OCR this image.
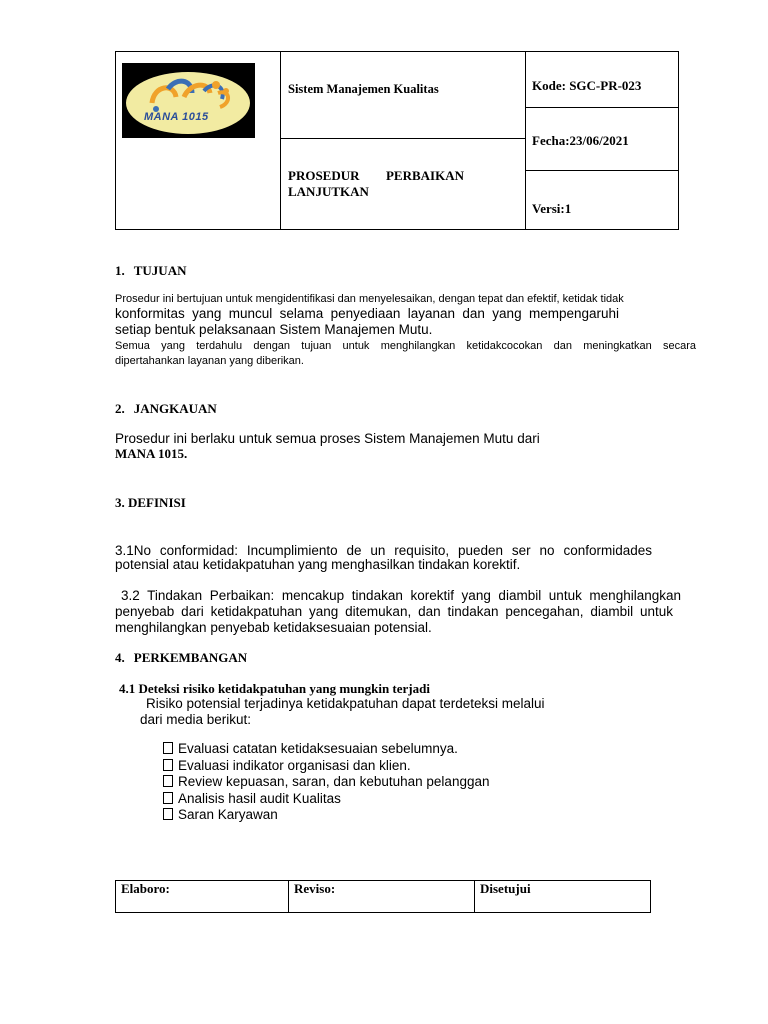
MANA 1015
Sistem Manajemen Kualitas
PROSEDUR PERBAIKAN
LANJUTKAN
Kode: SGC-PR-023
Fecha:23/06/2021
Versi:1
1. TUJUAN
Prosedur ini bertujuan untuk mengidentifikasi dan menyelesaikan, dengan tepat dan efektif, ketidak tidak
konformitas yang muncul selama penyediaan layanan dan yang mempengaruhi
setiap bentuk pelaksanaan Sistem Manajemen Mutu.
Semua yang terdahulu dengan tujuan untuk menghilangkan ketidakcocokan dan meningkatkan secara
dipertahankan layanan yang diberikan.
2. JANGKAUAN
Prosedur ini berlaku untuk semua proses Sistem Manajemen Mutu dari
MANA 1015.
3. DEFINISI
3.1No conformidad: Incumplimiento de un requisito, pueden ser no conformidades
potensial atau ketidakpatuhan yang menghasilkan tindakan korektif.
3.2 Tindakan Perbaikan: mencakup tindakan korektif yang diambil untuk menghilangkan
penyebab dari ketidakpatuhan yang ditemukan, dan tindakan pencegahan, diambil untuk
menghilangkan penyebab ketidaksesuaian potensial.
4. PERKEMBANGAN
4.1 Deteksi risiko ketidakpatuhan yang mungkin terjadi
Risiko potensial terjadinya ketidakpatuhan dapat terdeteksi melalui
dari media berikut:
Evaluasi catatan ketidaksesuaian sebelumnya.
Evaluasi indikator organisasi dan klien.
Review kepuasan, saran, dan kebutuhan pelanggan
Analisis hasil audit Kualitas
Saran Karyawan
Elaboro:	Reviso:	Disetujui
